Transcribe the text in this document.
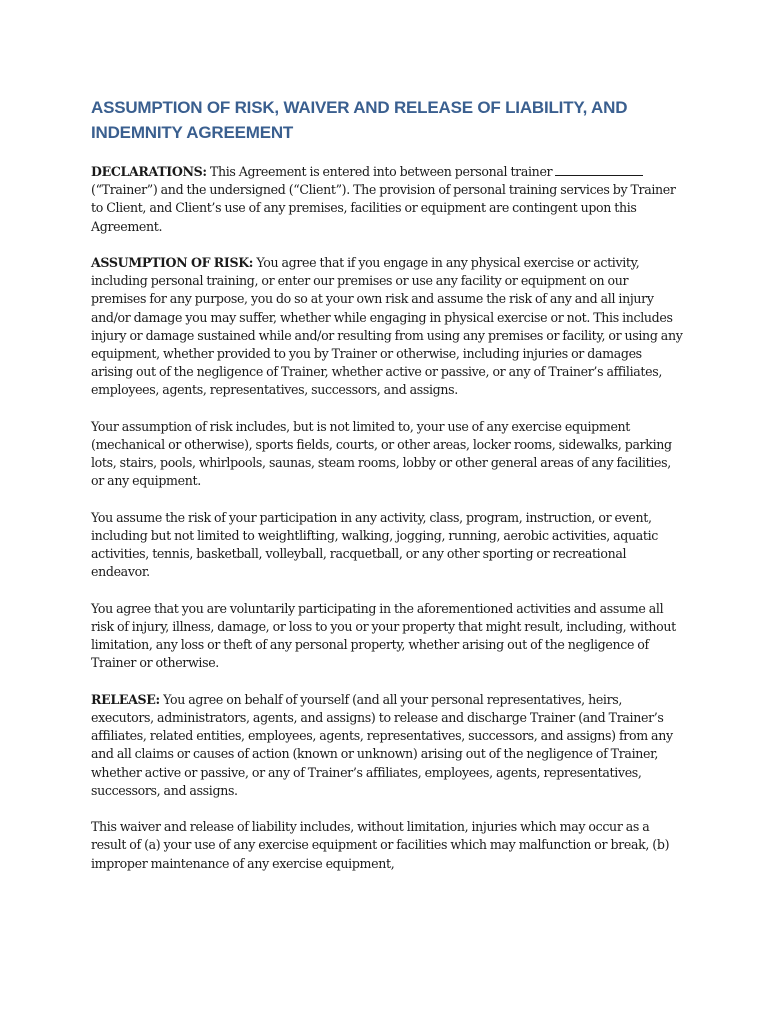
ASSUMPTION OF RISK, WAIVER AND RELEASE OF LIABILITY, AND INDEMNITY AGREEMENT

DECLARATIONS: This Agreement is entered into between personal trainer  (“Trainer”) and the undersigned (“Client”). The provision of personal training services by Trainer to Client, and Client’s use of any premises, facilities or equipment are contingent upon this Agreement.

ASSUMPTION OF RISK: You agree that if you engage in any physical exercise or activity, including personal training, or enter our premises or use any facility or equipment on our premises for any purpose, you do so at your own risk and assume the risk of any and all injury and/or damage you may suffer, whether while engaging in physical exercise or not. This includes injury or damage sustained while and/or resulting from using any premises or facility, or using any equipment, whether provided to you by Trainer or otherwise, including injuries or damages arising out of the negligence of Trainer, whether active or passive, or any of Trainer’s affiliates, employees, agents, representatives, successors, and assigns.

Your assumption of risk includes, but is not limited to, your use of any exercise equipment (mechanical or otherwise), sports fields, courts, or other areas, locker rooms, sidewalks, parking lots, stairs, pools, whirlpools, saunas, steam rooms, lobby or other general areas of any facilities, or any equipment.

You assume the risk of your participation in any activity, class, program, instruction, or event, including but not limited to weightlifting, walking, jogging, running, aerobic activities, aquatic activities, tennis, basketball, volleyball, racquetball, or any other sporting or recreational endeavor.

You agree that you are voluntarily participating in the aforementioned activities and assume all risk of injury, illness, damage, or loss to you or your property that might result, including, without limitation, any loss or theft of any personal property, whether arising out of the negligence of Trainer or otherwise.

RELEASE: You agree on behalf of yourself (and all your personal representatives, heirs, executors, administrators, agents, and assigns) to release and discharge Trainer (and Trainer’s affiliates, related entities, employees, agents, representatives, successors, and assigns) from any and all claims or causes of action (known or unknown) arising out of the negligence of Trainer, whether active or passive, or any of Trainer’s affiliates, employees, agents, representatives, successors, and assigns.

This waiver and release of liability includes, without limitation, injuries which may occur as a result of (a) your use of any exercise equipment or facilities which may malfunction or break, (b) improper maintenance of any exercise equipment,
